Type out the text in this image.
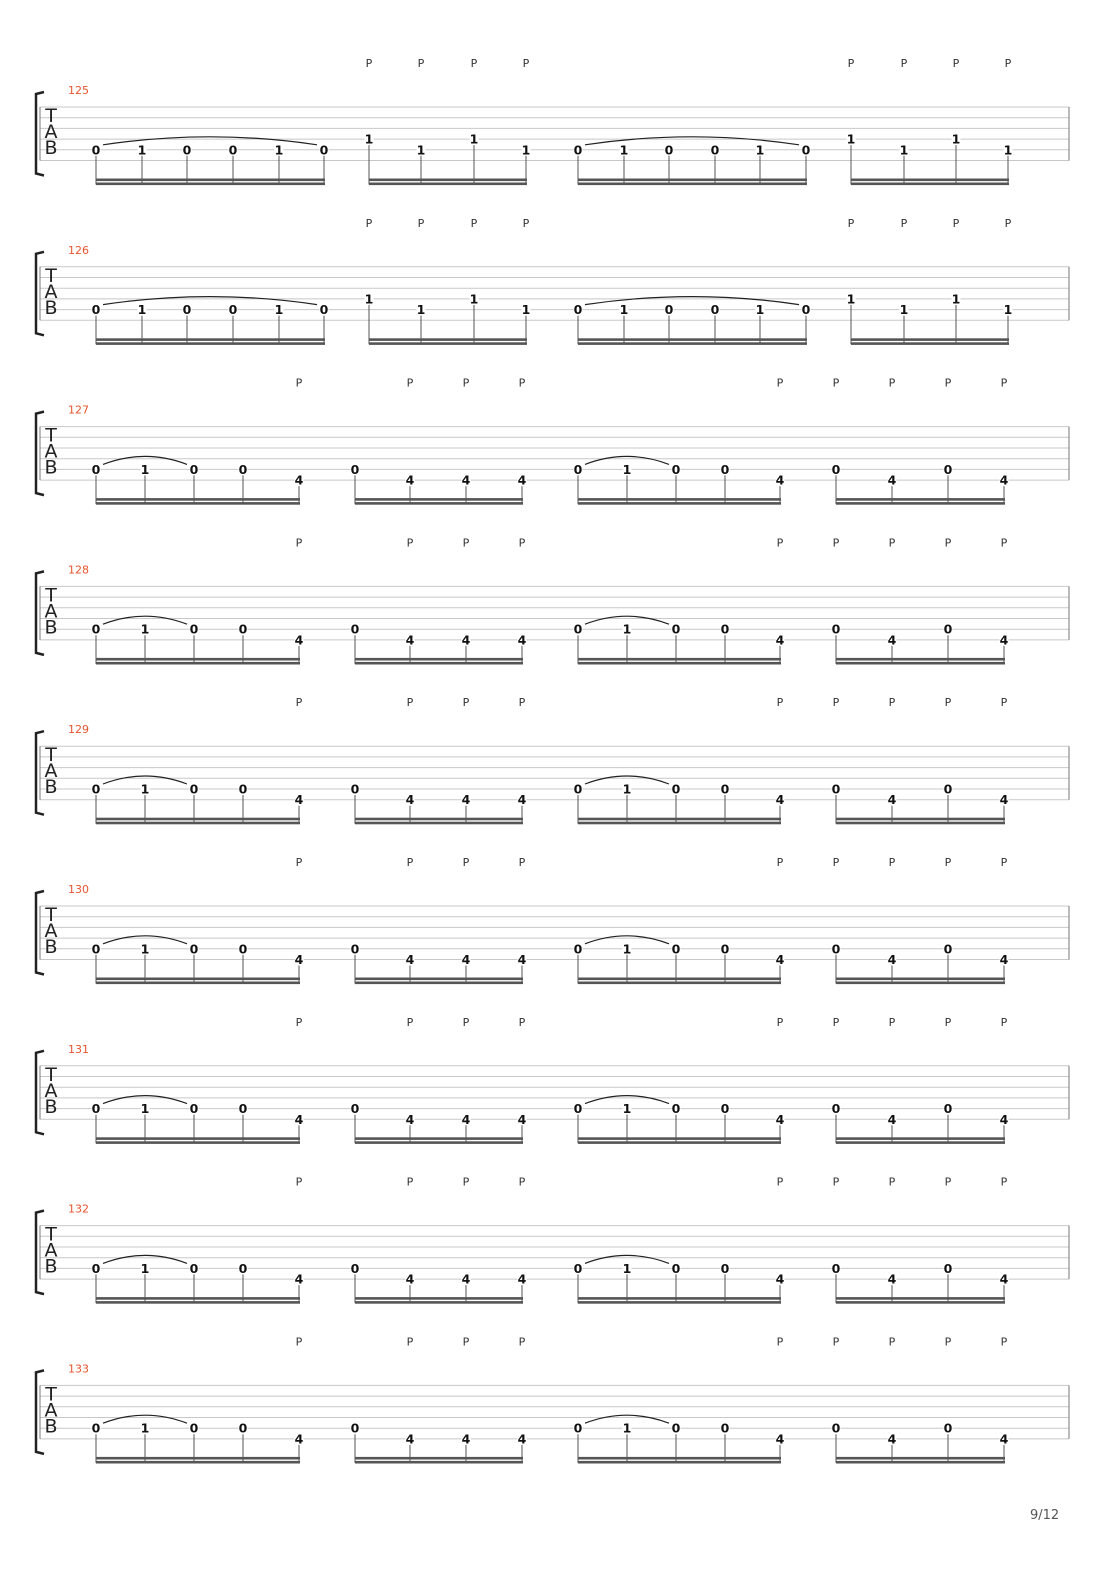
125
T
A
B	0	1	0	0	1	0
1
P
1
P
1
P
1
P
0	1	0	0	1	0
1
P
1
P
1
P
1
P
126
T
A
B	0	1	0	0	1	0
1
P
1
P
1
P
1
P
0	1	0	0	1	0
1
P
1
P
1
P
1
P
127
T
A
B	0	1	0	0
4
P
0
4
P
4
P
4
P
0	1	0	0
4
P
0
P
4
P
0
P
4
P
128
T
A
B	0	1	0	0
4
P
0
4
P
4
P
4
P
0	1	0	0
4
P
0
P
4
P
0
P
4
P
129
T
A
B	0	1	0	0
4
P
0
4
P
4
P
4
P
0	1	0	0
4
P
0
P
4
P
0
P
4
P
130
T
A
B	0	1	0	0
4
P
0
4
P
4
P
4
P
0	1	0	0
4
P
0
P
4
P
0
P
4
P
131
T
A
B	0	1	0	0
4
P
0
4
P
4
P
4
P
0	1	0	0
4
P
0
P
4
P
0
P
4
P
132
T
A
B	0	1	0	0
4
P
0
4
P
4
P
4
P
0	1	0	0
4
P
0
P
4
P
0
P
4
P
133
T
A
B	0	1	0	0
4
P
0
4
P
4
P
4
P
0	1	0	0
4
P
0
P
4
P
0
P
4
P
9/12
